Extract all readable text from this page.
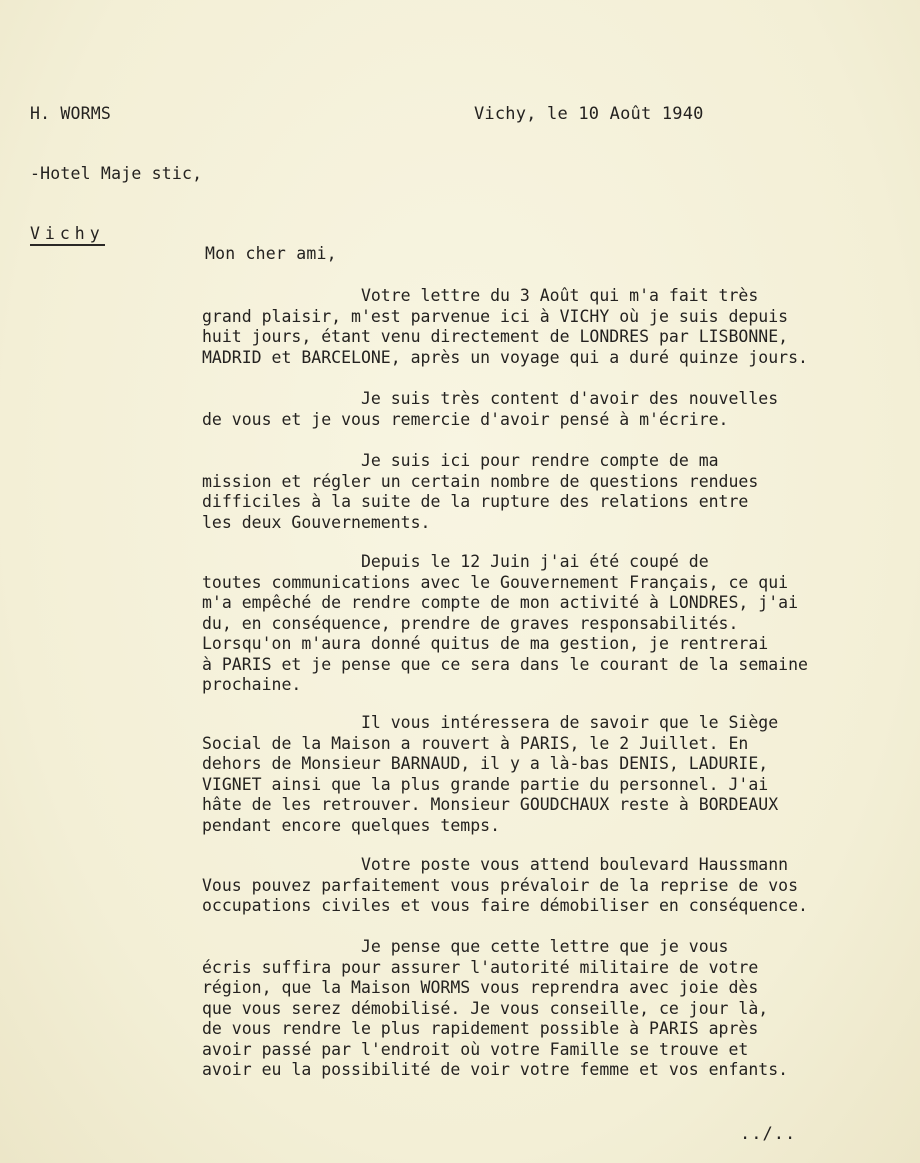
H. WORMS

-Hotel Maje stic,

Vichy

Vichy, le 10 Août 1940
Mon cher ami,
Votre lettre du 3 Août qui m'a fait très
grand plaisir, m'est parvenue ici à VICHY où je suis depuis
huit jours, étant venu directement de LONDRES par LISBONNE,
MADRID et BARCELONE, après un voyage qui a duré quinze jours.
Je suis très content d'avoir des nouvelles
de vous et je vous remercie d'avoir pensé à m'écrire.
Je suis ici pour rendre compte de ma
mission et régler un certain nombre de questions rendues
difficiles à la suite de la rupture des relations entre
les deux Gouvernements.
Depuis le 12 Juin j'ai été coupé de
toutes communications avec le Gouvernement Français, ce qui
m'a empêché de rendre compte de mon activité à LONDRES, j'ai
du, en conséquence, prendre de graves responsabilités.
Lorsqu'on m'aura donné quitus de ma gestion, je rentrerai
à PARIS et je pense que ce sera dans le courant de la semaine
prochaine.
Il vous intéressera de savoir que le Siège
Social de la Maison a rouvert à PARIS, le 2 Juillet. En
dehors de Monsieur BARNAUD, il y a là-bas DENIS, LADURIE,
VIGNET ainsi que la plus grande partie du personnel. J'ai
hâte de les retrouver. Monsieur GOUDCHAUX reste à BORDEAUX
pendant encore quelques temps.
Votre poste vous attend boulevard Haussmann
Vous pouvez parfaitement vous prévaloir de la reprise de vos
occupations civiles et vous faire démobiliser en conséquence.
Je pense que cette lettre que je vous
écris suffira pour assurer l'autorité militaire de votre
région, que la Maison WORMS vous reprendra avec joie dès
que vous serez démobilisé. Je vous conseille, ce jour là,
de vous rendre le plus rapidement possible à PARIS après
avoir passé par l'endroit où votre Famille se trouve et
avoir eu la possibilité de voir votre femme et vos enfants.
../..
